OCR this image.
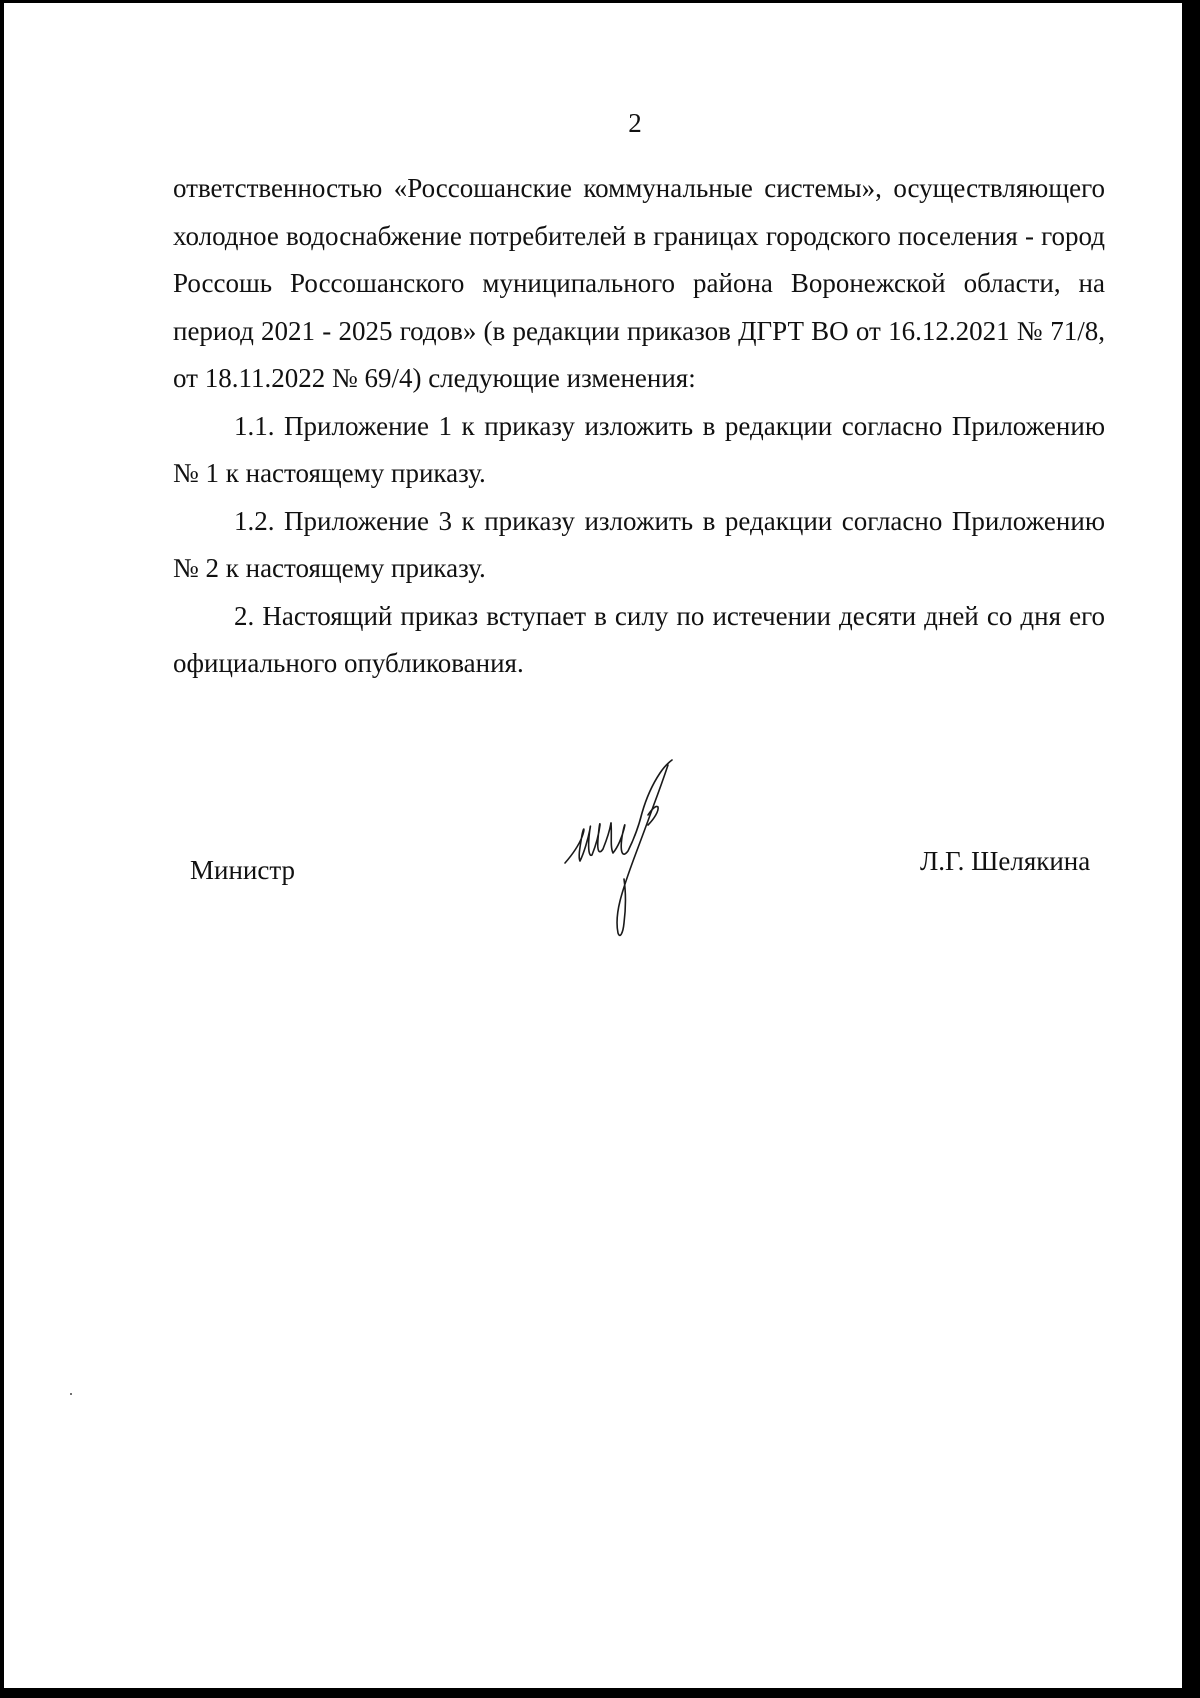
2

ответственностью «Россошанские коммунальные системы», осуществляющего холодное водоснабжение потребителей в границах городского поселения - город Россошь Россошанского муниципального района Воронежской области, на период 2021 - 2025 годов» (в редакции приказов ДГРТ ВО от 16.12.2021 № 71/8, от 18.11.2022 № 69/4) следующие изменения:

1.1. Приложение 1 к приказу изложить в редакции согласно Приложению № 1 к настоящему приказу.

1.2. Приложение 3 к приказу изложить в редакции согласно Приложению № 2 к настоящему приказу.

2. Настоящий приказ вступает в силу по истечении десяти дней со дня его официального опубликования.

Министр	Л.Г. Шелякина
